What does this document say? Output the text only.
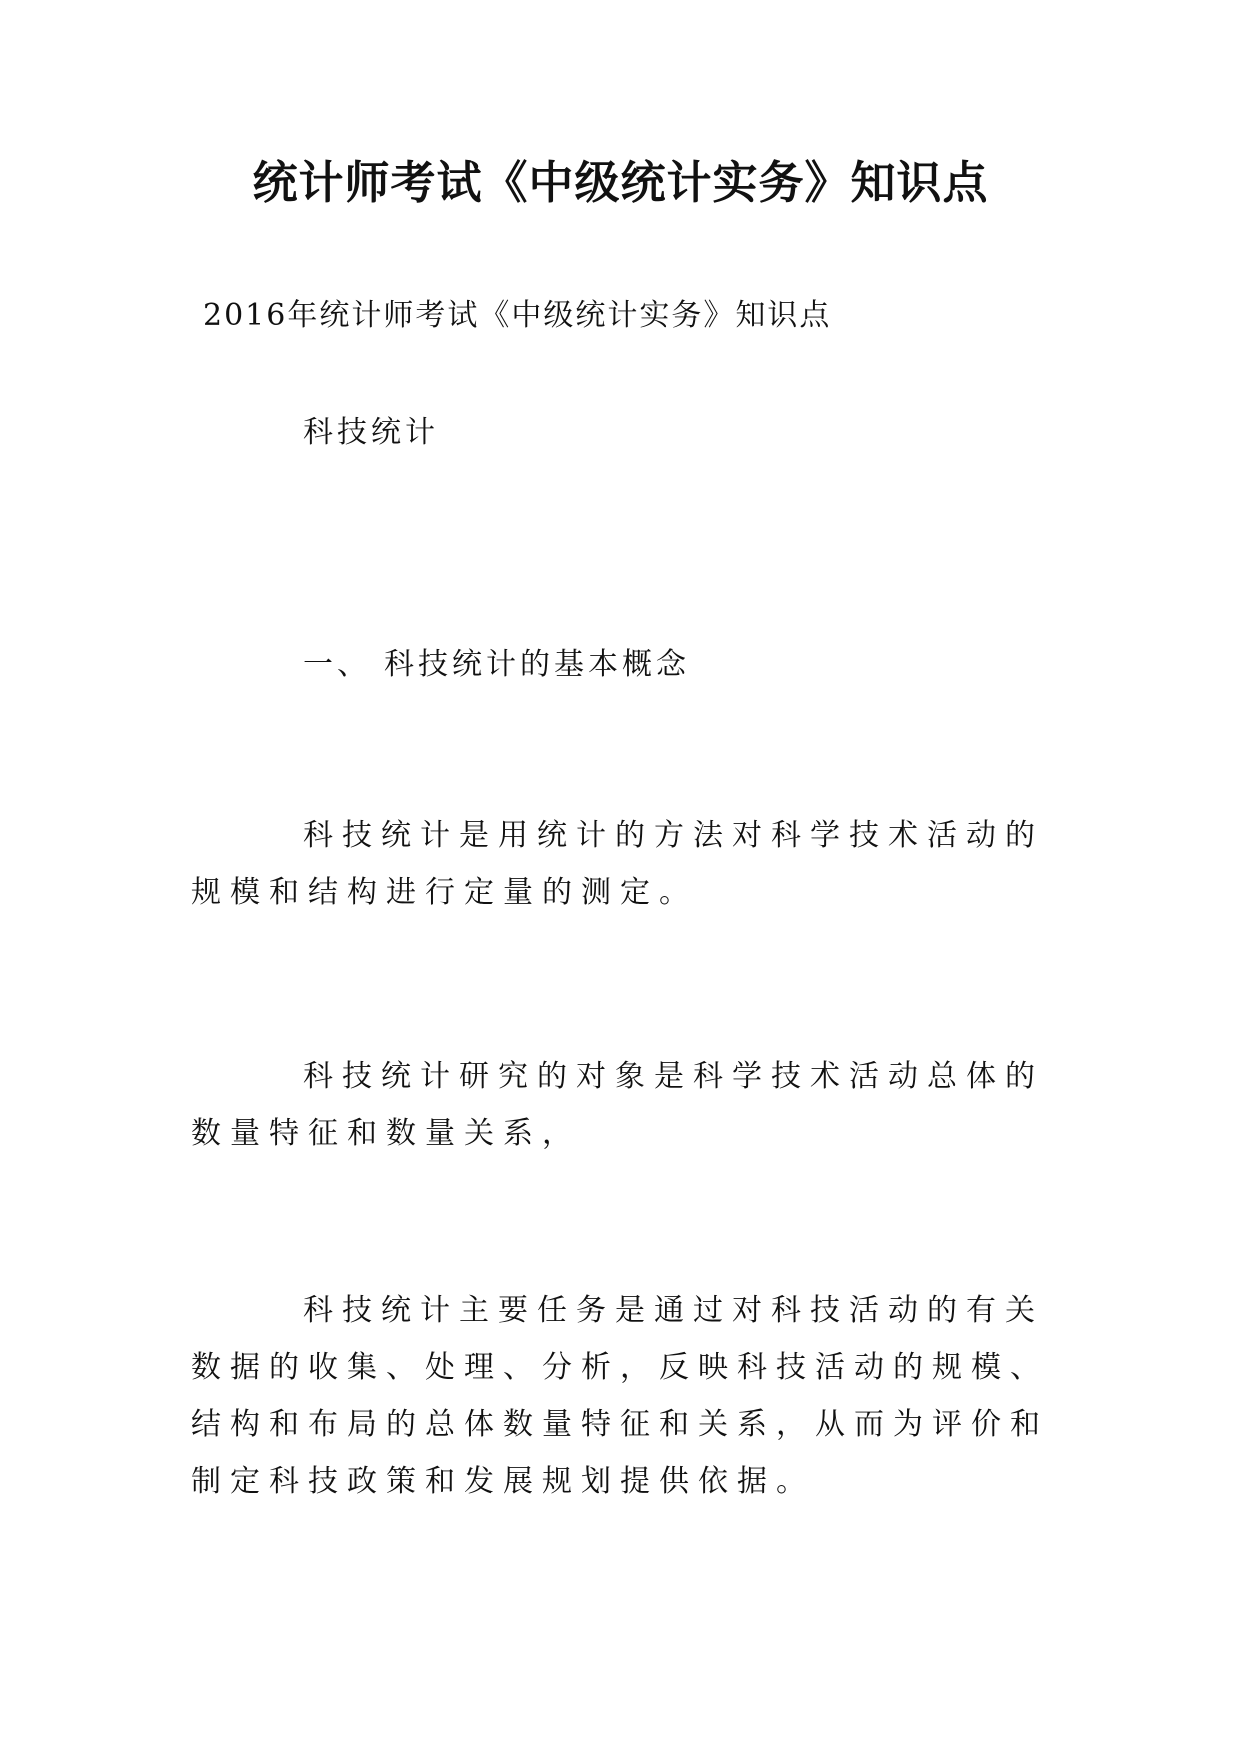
统计师考试《中级统计实务》知识点

2016年统计师考试《中级统计实务》知识点

科技统计

一、 科技统计的基本概念

科技统计是用统计的方法对科学技术活动的规模和结构进行定量的测定。

科技统计研究的对象是科学技术活动总体的数量特征和数量关系，

科技统计主要任务是通过对科技活动的有关数据的收集、处理、分析，反映科技活动的规模、结构和布局的总体数量特征和关系，从而为评价和制定科技政策和发展规划提供依据。
